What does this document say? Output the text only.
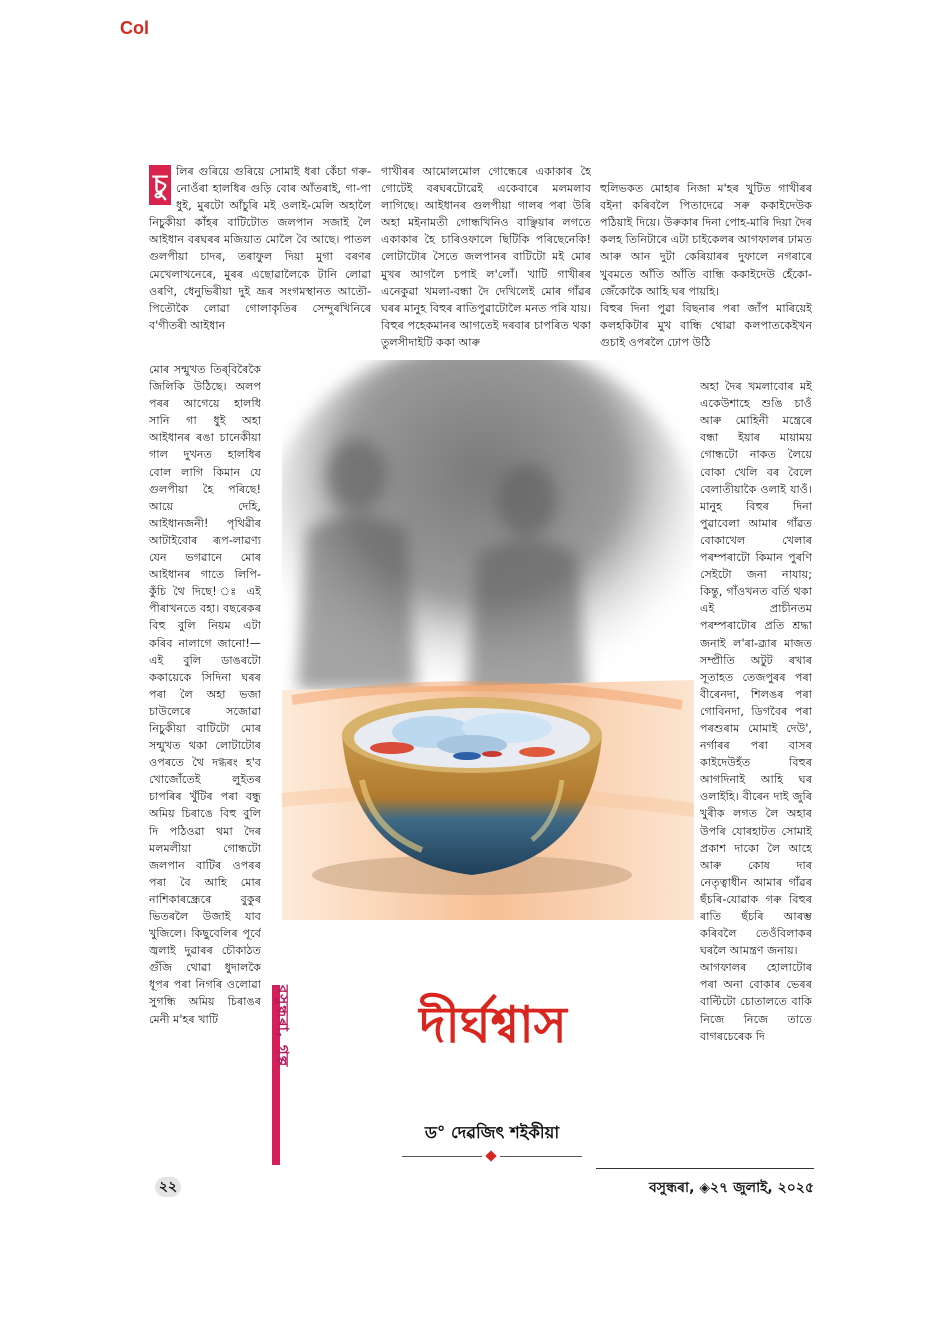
Col
চু লিৰ গুৰিয়ে গুৰিয়ে সোমাই ধৰা কেঁচা গৰু-নোওঁৰা হালধিৰ গুড়ি বোৰ আঁতৰাই, গা-পা ধুই, মুৰটো আঁচুৰি মই ওলাই-মেলি অহালৈ নিচুকীয়া কাঁহৰ বাটিটোত জলপান সজাই লৈ আইধান বৰঘৰৰ মজিয়াত মোলৈ বৈ আছে। পাতল গুলপীয়া চাদৰ, তৰাফুল দিয়া মুগা বৰণৰ মেখেলাখনেৰে, মুৰৰ এছোৱালৈকে টানি লোৱা ওৰণি, ধেনুভিৰীয়া দুই ভ্ৰূৰ সংগমস্থানত আতৌ-পিতৌকৈ লোৱা গোলাকৃতিৰ সেন্দুৰখিনিৰে ব'গীতৰী আইধান
গাখীৰৰ আমোলমোল গোন্ধেৰে একাকাৰ হৈ গোটেই বৰঘৰটোৱেই একেবাৰে মলমলাব লাগিছে। আইধানৰ গুলপীয়া গালৰ পৰা উৰি অহা মইনামতী গোন্ধখিনিও বাঞ্ছিয়াৰ লগতে একাকাৰ হৈ চাৰিওফালে ছিটিকি পৰিছেনেকি! লোটাটোৰ সৈতে জলপানৰ বাটিটো মই মোৰ মুখৰ আগলৈ চপাই ল'লোঁ। খাটি গাখীৰৰ এনেকুৱা খমলা-বন্ধা দৈ দেখিলেই মোৰ গাঁৱৰ ঘৰৰ মানুহ বিহুৰ ৰাতিপুৱাটোলৈ মনত পৰি যায়। বিহুৰ পহেকমানৰ আগতেই দৰবাৰ চাপৰিত থকা তুলসীদাইটি ককা আৰু

হুলিভকত মোহাৰ নিজা ম'হৰ খুটিত গাখীৰৰ বইনা কৰিবলৈ পিতাদেৱে সৰু ককাইদেউক পঠিয়াই দিয়ে। উৰুকাৰ দিনা পোহ-মাৰি দিয়া দৈৰ কলহ তিনিটাৰে এটা চাইকেলৰ আগফালৰ ঢামত আৰু আন দুটা কেৰিয়াৰৰ দুফালে নগৰাৰে খুবমতে আঁতি আঁতি বান্ধি ককাইদেউ হেঁকো-জেঁকোকৈ আহি ঘৰ পায়হি।
বিহুৰ দিনা পুৱা বিছনাৰ পৰা জাঁপ মাৰিয়েই কলহকিটাৰ মুখ বান্ধি থোৱা কলপাতকেইখন গুচাই ওপৰলৈ ঢোপ উঠি

মোৰ সন্মুখত তিৰ্‌বিৰৈকৈ জিলিকি উঠিছে। অলপ পৰৰ আগেয়ে হালধি সানি গা ধুই অহা আইধানৰ ৰঙা চানেকীয়া গাল দুখনত হালধিৰ বোল লাগি কিমান যে গুলপীয়া হৈ পৰিছে! আয়ে দেহি, আইধানজনী! পৃথিৱীৰ আটাইবোৰ ৰূপ-লাৱণ্য যেন ভগৱানে মোৰ আইধানৰ গাতে লিপি-কুঁচি থৈ দিছে! ঃ এই পীৰাখনতে বহা। বছৰেকৰ বিহু বুলি নিয়ম এটা কৰিব নালাগে জানো!— এই বুলি ডাঙৰটো ককায়েকে সিদিনা ঘৰৰ পৰা লৈ অহা ভজা চাউলেৰে সজোৱা নিচুকীয়া বাটিটো মোৰ সন্মুখত থকা লোটাটোৰ ওপৰতে থৈ দগ্ধৰং হ'ব খোজোঁতেই লুইতৰ চাপৰিৰ খুঁটিৰ পৰা বন্ধু অমিয় চিৰাঙে বিহু বুলি দি পঠিওৱা থমা দৈৰ মলমলীয়া গোন্ধটো জলপান বাটিৰ ওপৰৰ পৰা বৈ আহি মোৰ নাশিকাৰন্ধ্ৰেৰে বুকুৰ ভিতৰলৈ উজাই যাব খুজিলে। কিছুবেলিৰ পূৰ্বে জ্বলাই দুৱাৰৰ চৌকাঠত গুঁজি থোৱা ধুদালকৈ ধূপৰ পৰা নিগৰি ওলোৱা সুগন্ধি অমিয় চিৰাঙৰ মেনী ম'হৰ খাটি

অহা দৈৰ খমলাবোৰ মই একেউশাহে শুঙি চাওঁ আৰু মোহিনী মন্ত্ৰেৰে বন্ধা ইয়াৰ মায়াময় গোন্ধটো নাকত লৈয়ে বোকা খেলি বৰ বৈলে বেলাতীয়াকৈ ওলাই যাওঁ। মানুহ বিহুৰ দিনা পুৱাবেলা আমাৰ গাঁৱত বোকাখেল খেলাৰ পৰম্পৰাটো কিমান পুৰণি সেইটো জনা নাযায়; কিন্তু, গাঁওখনত বৰ্তি থকা এই প্ৰাচীনতম পৰম্পৰাটোৰ প্ৰতি শ্ৰদ্ধা জনাই ল'ৰা-ব্ৰূাৰ মাজত সম্প্ৰীতি অটুট ৰখাৰ সূতাহত তেজপুৰৰ পৰা বীৰেনদা, শিলঙৰ পৰা গোবিনদা, ডিগবৈৰ পৰা পৰশুৰাম মোমাই দেউ', নৰ্গাৰৰ পৰা বাসৰ কাইদেউহঁত বিহুৰ আগদিনাই আহি ঘৰ ওলাইহি। বীৰেন দাই জুৰি খুৰীক লগত লৈ অহাৰ উপৰি যোৰহাটত সোমাই প্ৰকাশ দাকো লৈ আহে আৰু কোষ দাৰ নেতৃত্বাধীন আমাৰ গাঁৱৰ ছঁচৰি-যোৱাক গৰু বিহুৰ ৰাতি ছঁচৰি আৰম্ভ কৰিবলৈ তেওঁবিলাকৰ ঘৰলৈ আমন্ত্ৰণ জনায়।
আগফালৰ হোলাটোৰ পৰা অনা বোকাৰ ভেৰৰ বাল্টিটো চোতালতে বাকি নিজে নিজে তাতে বাগৰচেৰেক দি

বসুন্ধৰা, গল্প	দীৰ্ঘশ্বাস
ড° দেৱজিৎ শইকীয়া
২২	বসুন্ধৰা, ◈২৭ জুলাই, ২০২৫
